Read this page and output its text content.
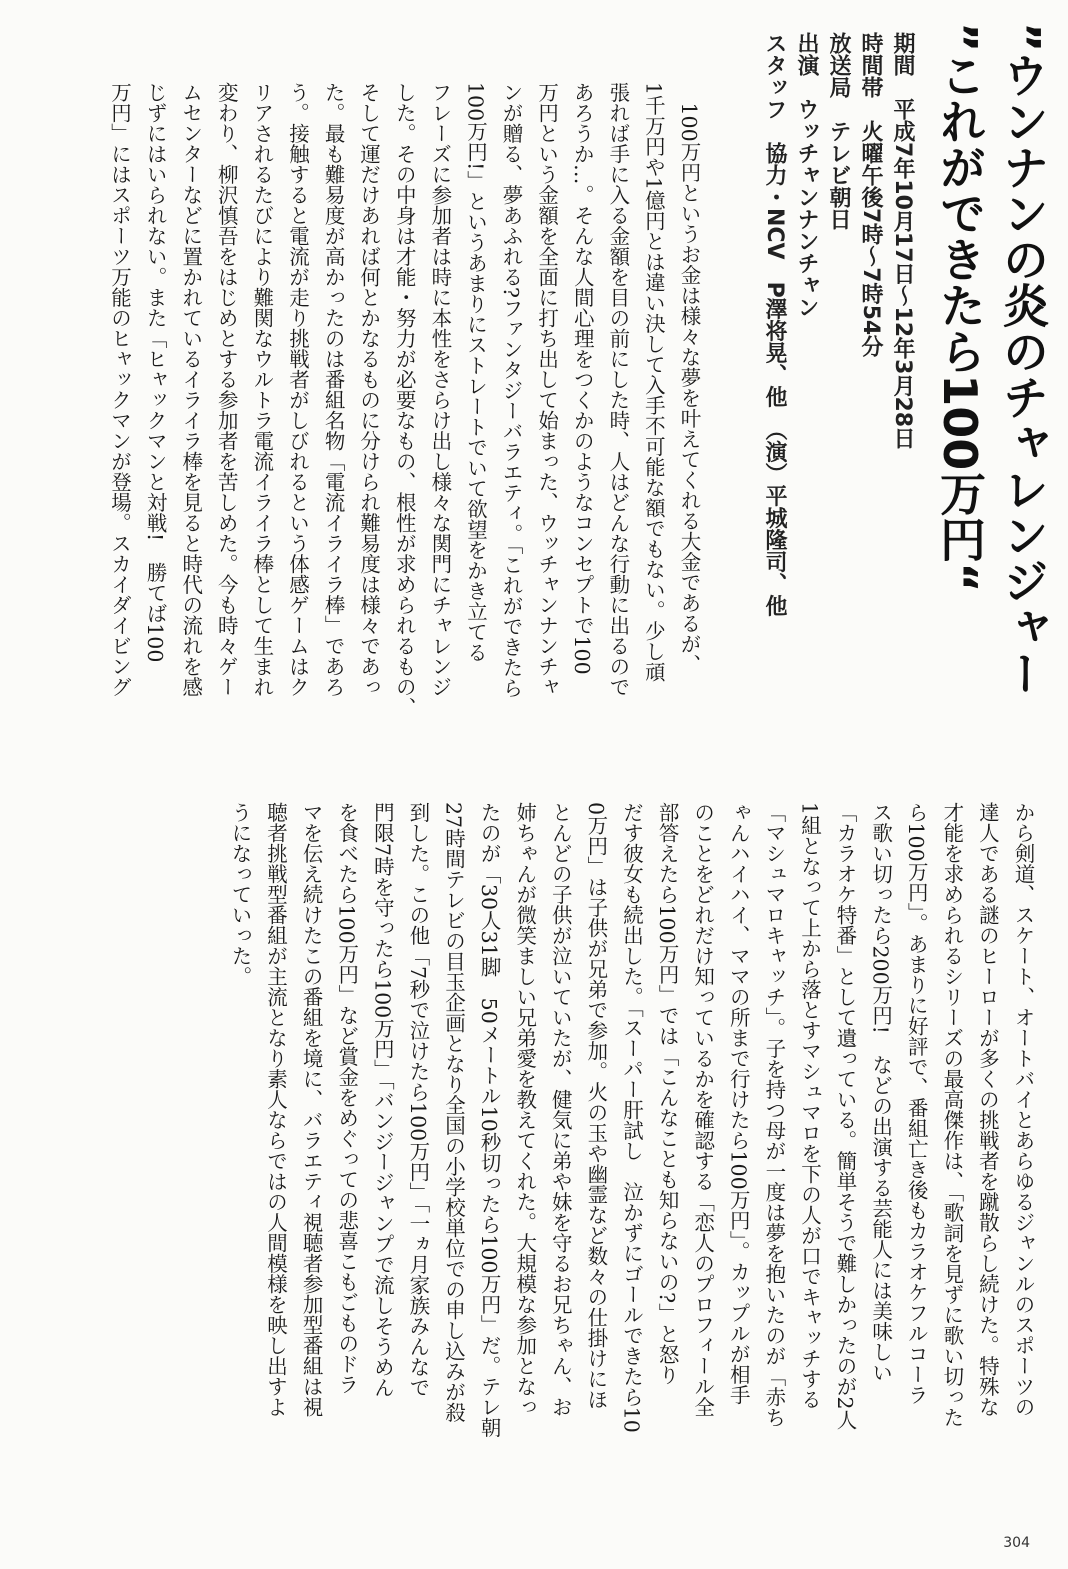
”ウンナンの炎のチャレンジャー
”これができたら100万円“
期間　平成7年10月17日～12年3月28日
時間帯　火曜午後7時～7時54分
放送局　テレビ朝日
出演　ウッチャンナンチャン
スタッフ　協力・NCV　P澤将晃、他　（演）平城隆司、他
　100万円というお金は様々な夢を叶えてくれる大金であるが、
1千万円や1億円とは違い決して入手不可能な額でもない。少し頑
張れば手に入る金額を目の前にした時、人はどんな行動に出るので
あろうか…。そんな人間心理をつくかのようなコンセプトで100
万円という金額を全面に打ち出して始まった、ウッチャンナンチャ
ンが贈る、夢あふれる?ファンタジーバラエティ。「これができたら
100万円!」というあまりにストレートでいて欲望をかき立てる
フレーズに参加者は時に本性をさらけ出し様々な関門にチャレンジ
した。その中身は才能・努力が必要なもの、根性が求められるもの、
そして運だけあれば何とかなるものに分けられ難易度は様々であっ
た。最も難易度が高かったのは番組名物「電流イライラ棒」であろ
う。接触すると電流が走り挑戦者がしびれるという体感ゲームはク
リアされるたびにより難関なウルトラ電流イライラ棒として生まれ
変わり、柳沢慎吾をはじめとする参加者を苦しめた。今も時々ゲー
ムセンターなどに置かれているイライラ棒を見ると時代の流れを感
じずにはいられない。また「ヒャックマンと対戦!　勝てば100
万円」にはスポーツ万能のヒャックマンが登場。スカイダイビング
から剣道、スケート、オートバイとあらゆるジャンルのスポーツの
達人である謎のヒーローが多くの挑戦者を蹴散らし続けた。特殊な
才能を求められるシリーズの最高傑作は、「歌詞を見ずに歌い切った
ら100万円」。あまりに好評で、番組亡き後もカラオケフルコーラ
ス歌い切ったら200万円!　などの出演する芸能人には美味しい
「カラオケ特番」として遺っている。簡単そうで難しかったのが2人
1組となって上から落とすマシュマロを下の人が口でキャッチする
「マシュマロキャッチ」。子を持つ母が一度は夢を抱いたのが「赤ち
ゃんハイハイ、ママの所まで行けたら100万円」。カップルが相手
のことをどれだけ知っているかを確認する「恋人のプロフィール全
部答えたら100万円」では「こんなことも知らないの?」と怒り
だす彼女も続出した。「スーパー肝試し　泣かずにゴールできたら10
0万円」は子供が兄弟で参加。火の玉や幽霊など数々の仕掛けにほ
とんどの子供が泣いていたが、健気に弟や妹を守るお兄ちゃん、お
姉ちゃんが微笑ましい兄弟愛を教えてくれた。大規模な参加となっ
たのが「30人31脚　50メートル10秒切ったら100万円」だ。テレ朝
27時間テレビの目玉企画となり全国の小学校単位での申し込みが殺
到した。この他「7秒で泣けたら100万円」「一ヵ月家族みんなで
門限7時を守ったら100万円」「バンジージャンプで流しそうめん
を食べたら100万円」など賞金をめぐっての悲喜こもごものドラ
マを伝え続けたこの番組を境に、バラエティ視聴者参加型番組は視
聴者挑戦型番組が主流となり素人ならではの人間模様を映し出すよ
うになっていった。
304
